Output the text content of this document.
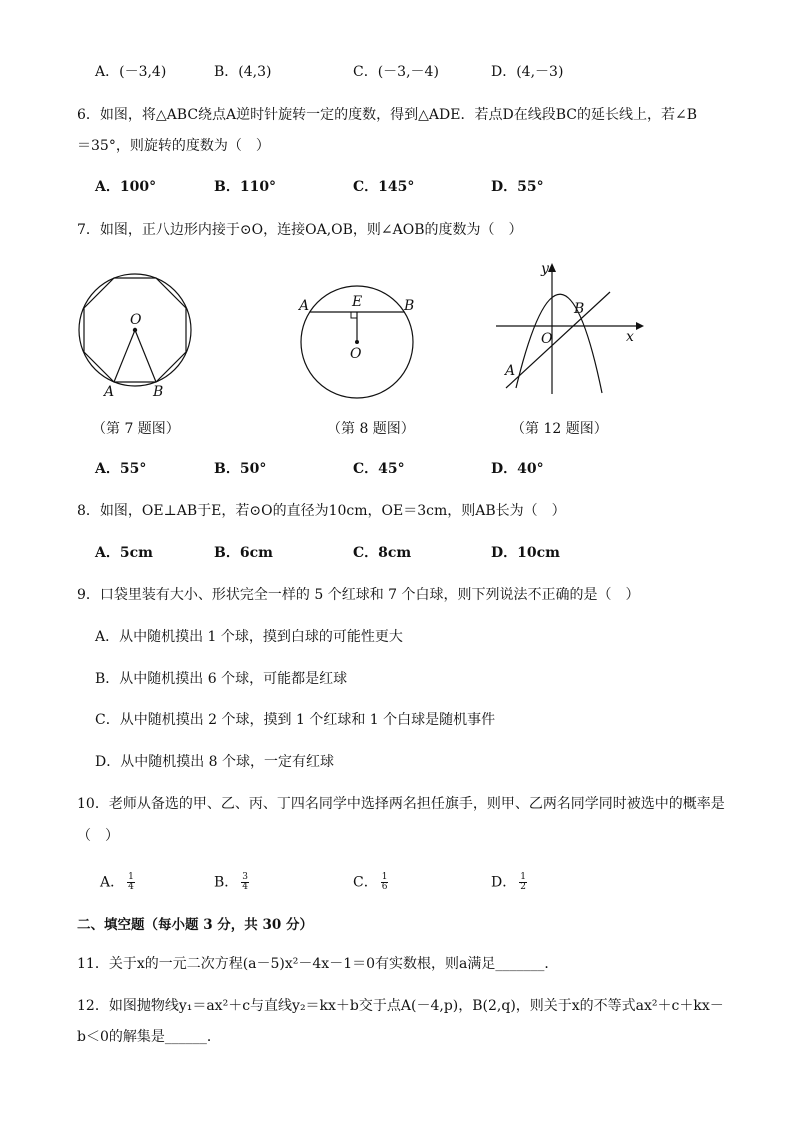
A．(－3,4)	B．(4,3)	C．(－3,－4)	D．(4,－3)
6．如图，将△ABC绕点A逆时针旋转一定的度数，得到△ADE．若点D在线段BC的延长线上，若∠B
＝35°，则旋转的度数为（　）
A．100°	B．110°	C．145°	D．55°
7．如图，正八边形内接于⊙O，连接OA,OB，则∠AOB的度数为（　）
O
A	B
（第 7 题图）
A	E	B
O
（第 8 题图）
y
x
O
A
B
（第 12 题图）
A．55°	B．50°	C．45°	D．40°
8．如图，OE⊥AB于E，若⊙O的直径为10cm，OE＝3cm，则AB长为（　）
A．5cm	B．6cm	C．8cm	D．10cm
9．口袋里装有大小、形状完全一样的 5 个红球和 7 个白球，则下列说法不正确的是（　）
A．从中随机摸出 1 个球，摸到白球的可能性更大
B．从中随机摸出 6 个球，可能都是红球
C．从中随机摸出 2 个球，摸到 1 个红球和 1 个白球是随机事件
D．从中随机摸出 8 个球，一定有红球
10．老师从备选的甲、乙、丙、丁四名同学中选择两名担任旗手，则甲、乙两名同学同时被选中的概率是
（　）
A． $\frac{1}{4}$	B． $\frac{3}{4}$	C． $\frac{1}{6}$	D． $\frac{1}{2}$
二、填空题（每小题 3 分，共 30 分）
11．关于x的一元二次方程(a－5)x²－4x－1＝0有实数根，则a满足_______．
12．如图抛物线y₁＝ax²＋c与直线y₂＝kx＋b交于点A(－4,p)，B(2,q)，则关于x的不等式ax²＋c＋kx－
b＜0的解集是______．
